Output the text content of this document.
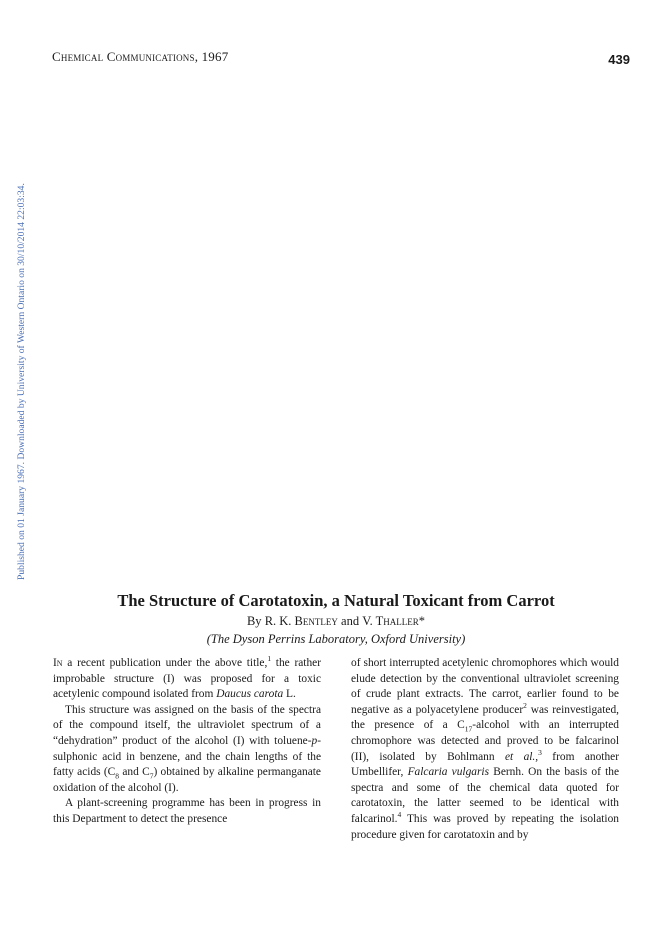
Chemical Communications, 1967	439
Published on 01 January 1967. Downloaded by University of Western Ontario on 30/10/2014 22:03:34.
The Structure of Carotatoxin, a Natural Toxicant from Carrot
By R. K. Bentley and V. Thaller*
(The Dyson Perrins Laboratory, Oxford University)

In a recent publication under the above title,$^1$ the rather improbable structure (I) was proposed for a toxic acetylenic compound isolated from Daucus carota L.

This structure was assigned on the basis of the spectra of the compound itself, the ultraviolet spectrum of a “dehydration” product of the alcohol (I) with toluene-p-sulphonic acid in benzene, and the chain lengths of the fatty acids ($C_8$ and $C_7$) obtained by alkaline permanganate oxidation of the alcohol (I).

A plant-screening programme has been in progress in this Department to detect the presence

of short interrupted acetylenic chromophores which would elude detection by the conventional ultraviolet screening of crude plant extracts. The carrot, earlier found to be negative as a polyacetylene producer$^2$ was reinvestigated, the presence of a $C_{17}$-alcohol with an interrupted chromophore was detected and proved to be falcarinol (II), isolated by Bohlmann et al.,$^3$ from another Umbellifer, Falcaria vulgaris Bernh. On the basis of the spectra and some of the chemical data quoted for carotatoxin, the latter seemed to be identical with falcarinol.$^4$ This was proved by repeating the isolation procedure given for carotatoxin and by
